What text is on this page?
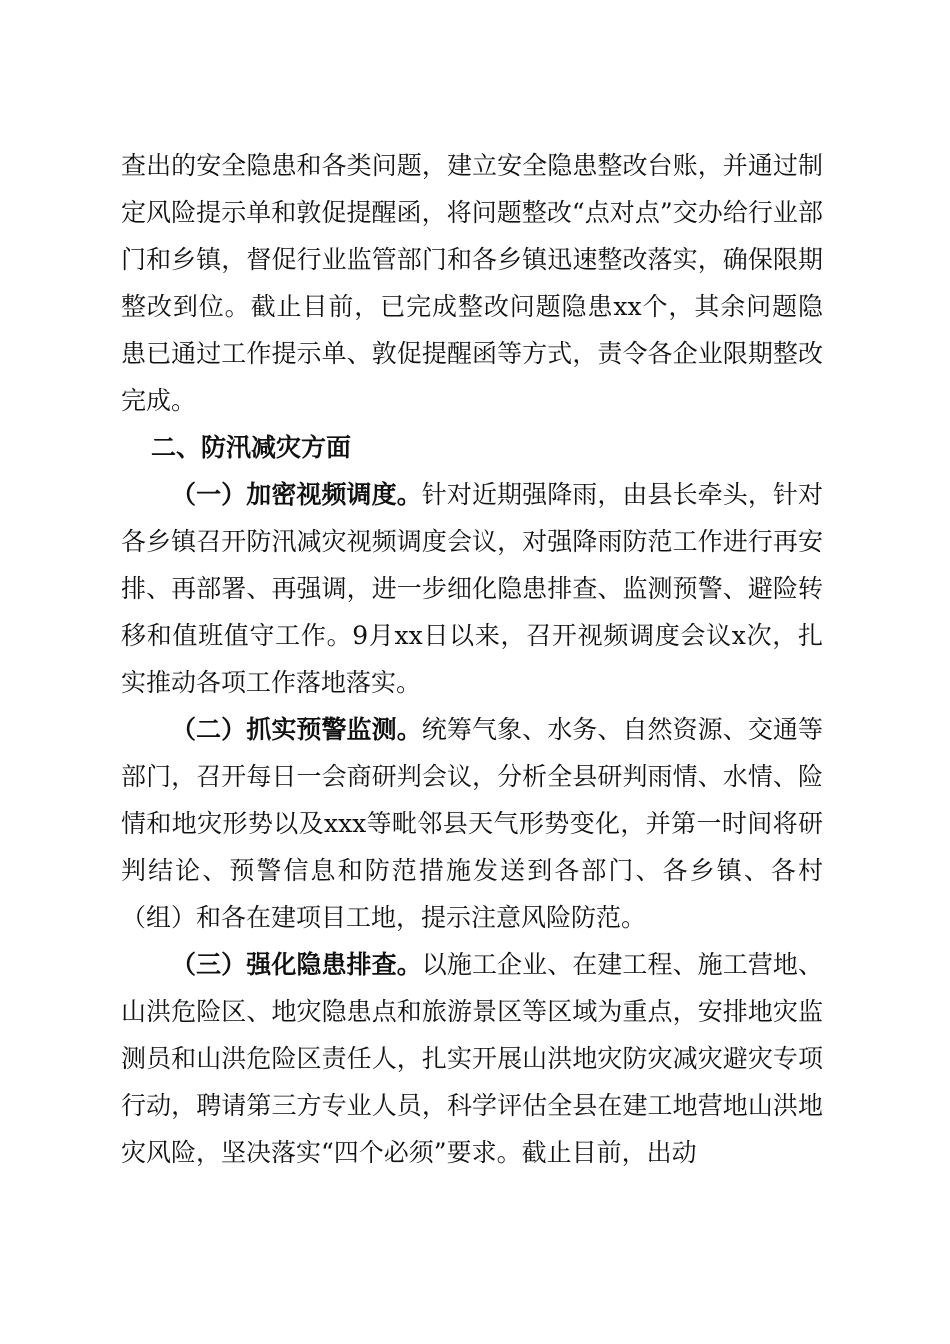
查出的安全隐患和各类问题，建立安全隐患整改台账，并通过制定风险提示单和敦促提醒函，将问题整改“点对点”交办给行业部门和乡镇，督促行业监管部门和各乡镇迅速整改落实，确保限期整改到位。截止目前，已完成整改问题隐患xx个，其余问题隐患已通过工作提示单、敦促提醒函等方式，责令各企业限期整改完成。

二、防汛减灾方面

（一）加密视频调度。针对近期强降雨，由县长牵头，针对各乡镇召开防汛减灾视频调度会议，对强降雨防范工作进行再安排、再部署、再强调，进一步细化隐患排查、监测预警、避险转移和值班值守工作。9月xx日以来，召开视频调度会议x次，扎实推动各项工作落地落实。

（二）抓实预警监测。统筹气象、水务、自然资源、交通等部门，召开每日一会商研判会议，分析全县研判雨情、水情、险情和地灾形势以及xxx等毗邻县天气形势变化，并第一时间将研判结论、预警信息和防范措施发送到各部门、各乡镇、各村（组）和各在建项目工地，提示注意风险防范。

（三）强化隐患排查。以施工企业、在建工程、施工营地、山洪危险区、地灾隐患点和旅游景区等区域为重点，安排地灾监测员和山洪危险区责任人，扎实开展山洪地灾防灾减灾避灾专项行动，聘请第三方专业人员，科学评估全县在建工地营地山洪地灾风险，坚决落实“四个必须”要求。截止目前，出动
